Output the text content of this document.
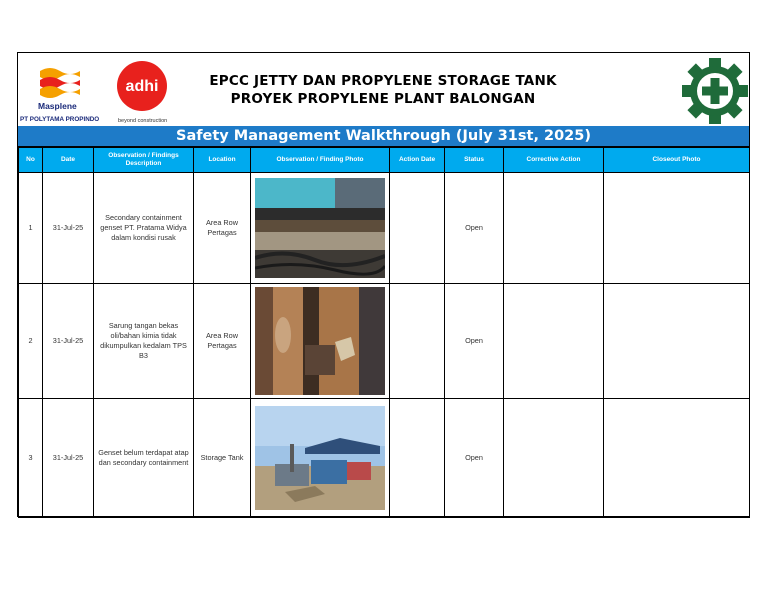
Masplene
PT POLYTAMA PROPINDO
adhi
beyond construction
EPCC JETTY DAN PROPYLENE STORAGE TANK
PROYEK PROPYLENE PLANT BALONGAN
Safety Management Walkthrough (July 31st, 2025)
No	Date	Observation / Findings Description	Location	Observation / Finding Photo	Action Date	Status	Corrective Action	Closeout Photo
1	31-Jul-25	Secondary containment genset PT. Pratama Widya dalam kondisi rusak	Area Row Pertagas			Open		
2	31-Jul-25	Sarung tangan bekas oli/bahan kimia tidak dikumpulkan kedalam TPS B3	Area Row Pertagas			Open		
3	31-Jul-25	Genset belum terdapat atap dan secondary containment	Storage Tank			Open		
